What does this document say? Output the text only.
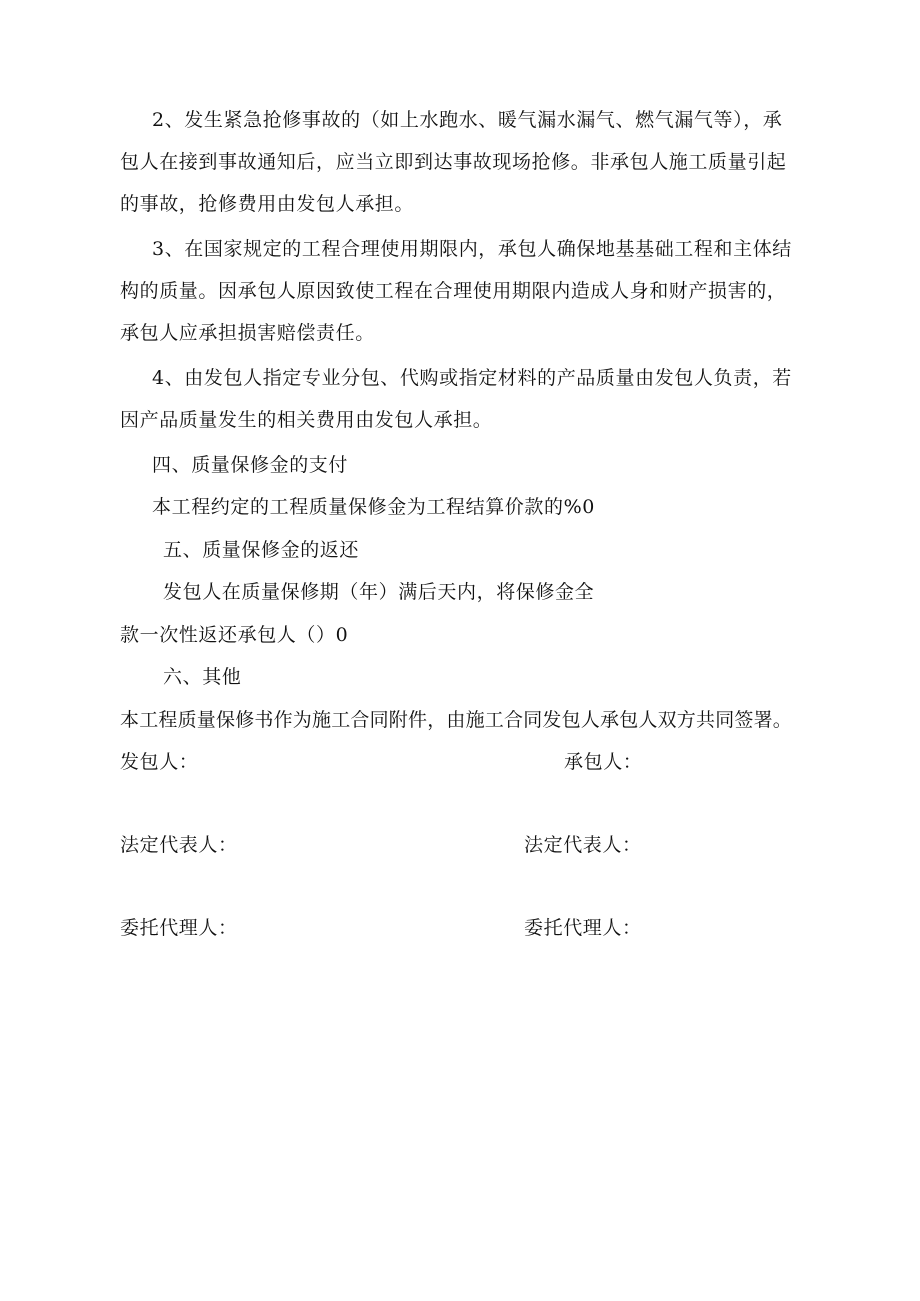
2、发生紧急抢修事故的（如上水跑水、暖气漏水漏气、燃气漏气等），承
包人在接到事故通知后，应当立即到达事故现场抢修。非承包人施工质量引起
的事故，抢修费用由发包人承担。
3、在国家规定的工程合理使用期限内，承包人确保地基基础工程和主体结
构的质量。因承包人原因致使工程在合理使用期限内造成人身和财产损害的，
承包人应承担损害赔偿责任。
4、由发包人指定专业分包、代购或指定材料的产品质量由发包人负责，若
因产品质量发生的相关费用由发包人承担。
四、质量保修金的支付
本工程约定的工程质量保修金为工程结算价款的%0
五、质量保修金的返还
发包人在质量保修期（年）满后天内，将保修金全
款一次性返还承包人（）0
六、其他
本工程质量保修书作为施工合同附件，由施工合同发包人承包人双方共同签署。
发包人：	承包人：
法定代表人：	法定代表人：
委托代理人：	委托代理人：
